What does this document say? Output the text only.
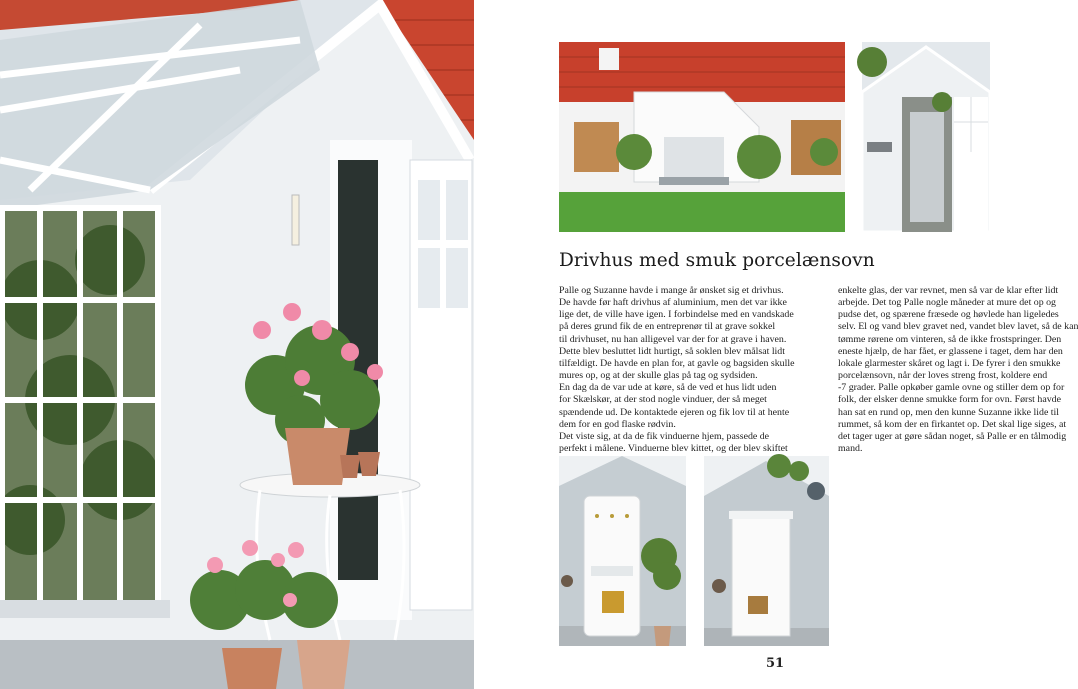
Drivhus med smuk porcelænsovn
Palle og Suzanne havde i mange år ønsket sig et drivhus.
De havde før haft drivhus af aluminium, men det var ikke
lige det, de ville have igen. I forbindelse med en vandskade
på deres grund fik de en entreprenør til at grave sokkel
til drivhuset, nu han alligevel var der for at grave i haven.
Dette blev besluttet lidt hurtigt, så soklen blev målsat lidt
tilfældigt. De havde en plan for, at gavle og bagsiden skulle
mures op, og at der skulle glas på tag og sydsiden.
En dag da de var ude at køre, så de ved et hus lidt uden
for Skælskør, at der stod nogle vinduer, der så meget
spændende ud. De kontaktede ejeren og fik lov til at hente
dem for en god flaske rødvin.
Det viste sig, at da de fik vinduerne hjem, passede de
perfekt i målene. Vinduerne blev kittet, og der blev skiftet
enkelte glas, der var revnet, men så var de klar efter lidt
arbejde. Det tog Palle nogle måneder at mure det op og
pudse det, og spærene fræsede og høvlede han ligeledes
selv. El og vand blev gravet ned, vandet blev lavet, så de kan
tømme rørene om vinteren, så de ikke frostspringer. Den
eneste hjælp, de har fået, er glassene i taget, dem har den
lokale glarmester skåret og lagt i. De fyrer i den smukke
porcelænsovn, når der loves streng frost, koldere end
-7 grader. Palle opkøber gamle ovne og stiller dem op for
folk, der elsker denne smukke form for ovn. Først havde
han sat en rund op, men den kunne Suzanne ikke lide til
rummet, så kom der en firkantet op. Det skal lige siges, at
det tager uger at gøre sådan noget, så Palle er en tålmodig
mand.
51
